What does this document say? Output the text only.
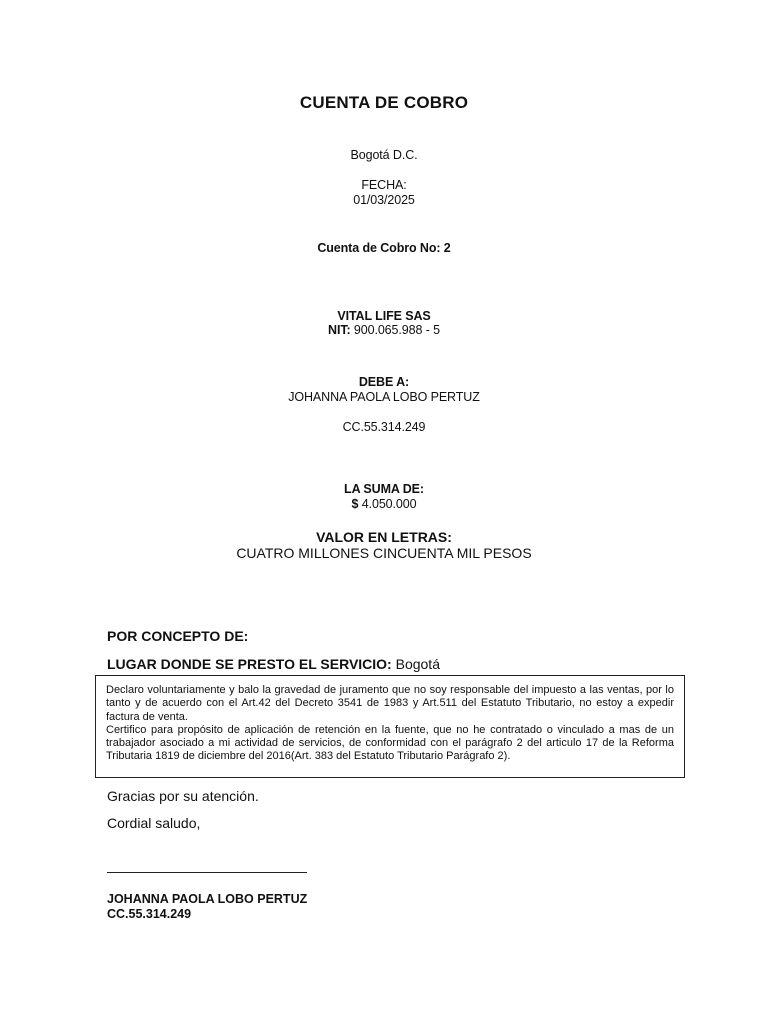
CUENTA DE COBRO
Bogotá D.C.
FECHA:
01/03/2025
Cuenta de Cobro No: 2
VITAL LIFE SAS
NIT: 900.065.988 - 5
DEBE A:
JOHANNA PAOLA LOBO PERTUZ
CC.55.314.249
LA SUMA DE:
$ 4.050.000
VALOR EN LETRAS:
CUATRO MILLONES CINCUENTA MIL PESOS
POR CONCEPTO DE:
LUGAR DONDE SE PRESTO EL SERVICIO: Bogotá

Declaro voluntariamente y balo la gravedad de juramento que no soy responsable del impuesto a las ventas, por lo tanto y de acuerdo con el Art.42 del Decreto 3541 de 1983 y Art.511 del Estatuto Tributario, no estoy a expedir factura de venta.

Certifico para propósito de aplicación de retención en la fuente, que no he contratado o vinculado a mas de un trabajador asociado a mi actividad de servicios, de conformidad con el parágrafo 2 del articulo 17 de la Reforma Tributaria 1819 de diciembre del 2016(Art. 383 del Estatuto Tributario Parágrafo 2).

Gracias por su atención.
Cordial saludo,
JOHANNA PAOLA LOBO PERTUZ
CC.55.314.249
